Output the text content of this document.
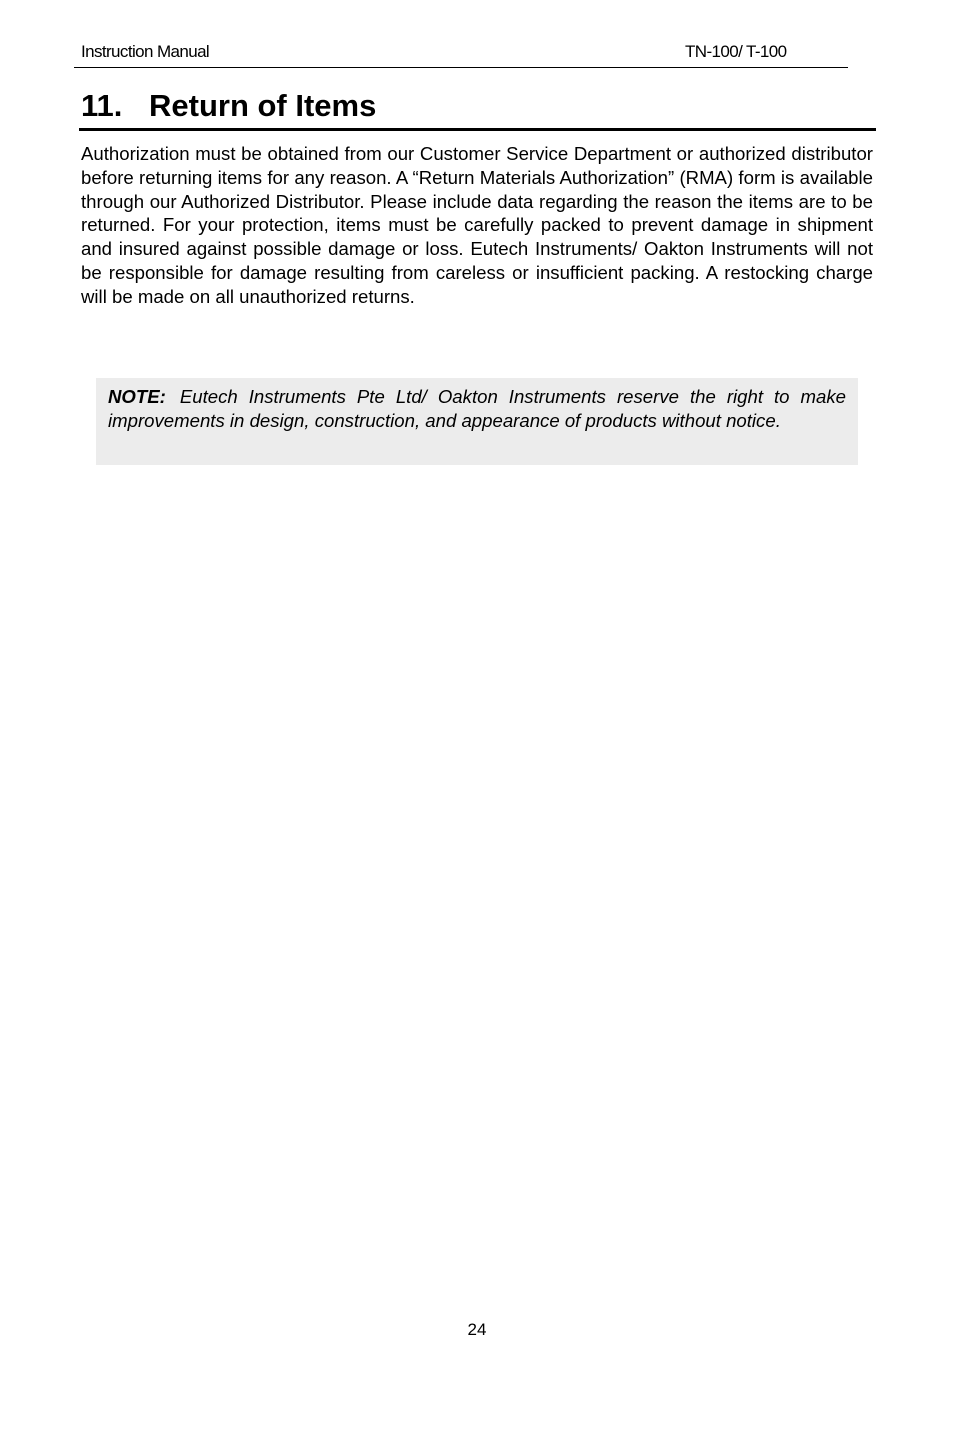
Instruction Manual	TN-100/ T-100
11. Return of Items

Authorization must be obtained from our Customer Service Department or authorized distributor before returning items for any reason. A “Return Materials Authorization” (RMA) form is available through our Authorized Distributor. Please include data regarding the reason the items are to be returned. For your protection, items must be carefully packed to prevent damage in shipment and insured against possible damage or loss. Eutech Instruments/ Oakton Instruments will not be responsible for damage resulting from careless or insufficient packing. A restocking charge will be made on all unauthorized returns.

NOTE: Eutech Instruments Pte Ltd/ Oakton Instruments reserve the right to make improvements in design, construction, and appearance of products without notice.

24
